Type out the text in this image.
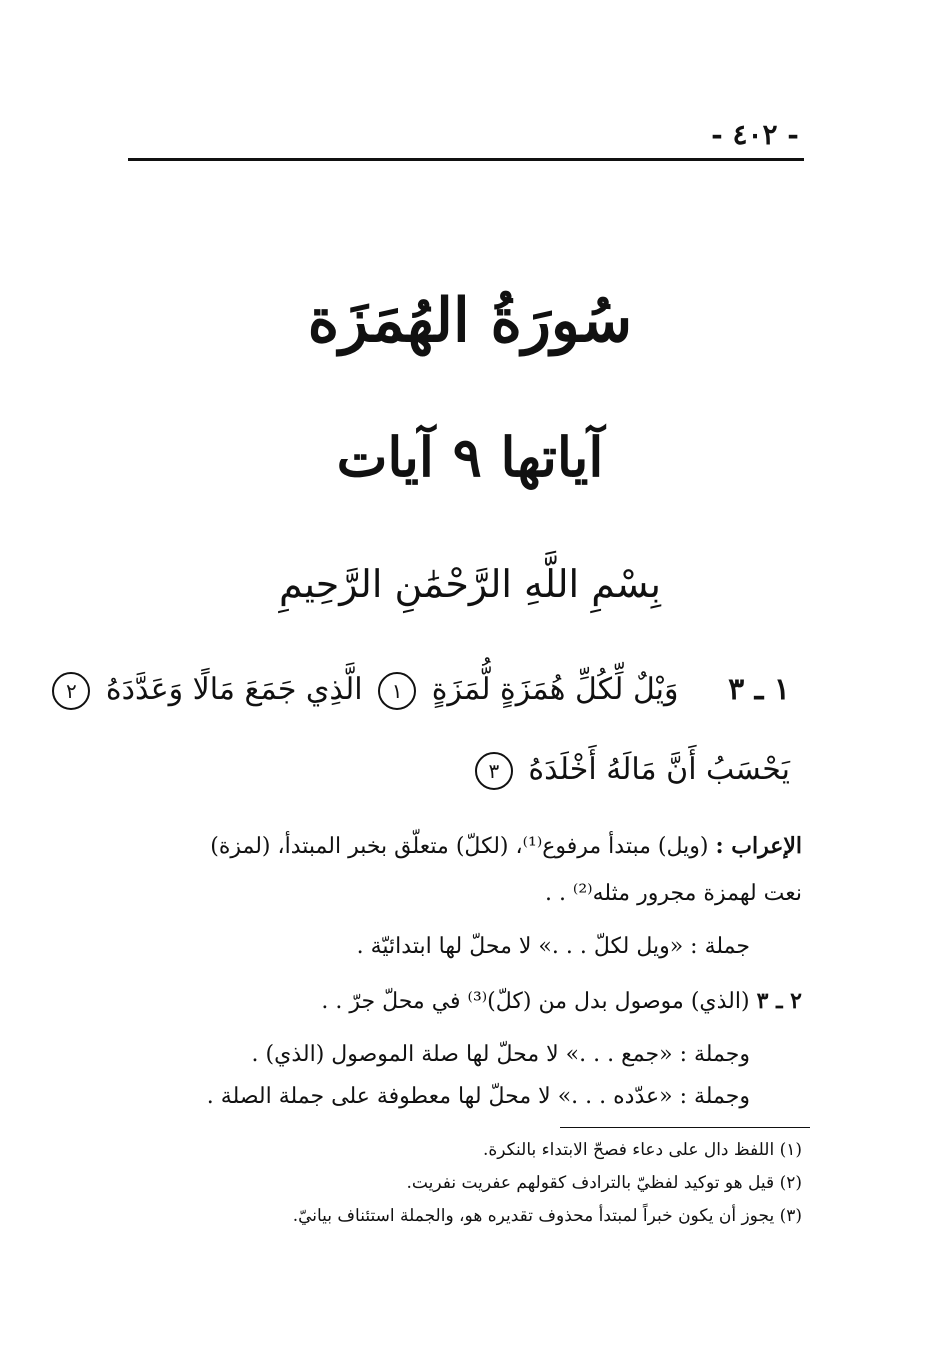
- ٤٠٢ -
سُورَةُ الهُمَزَة
آياتها ٩ آيات
بِسْمِ اللَّهِ الرَّحْمَٰنِ الرَّحِيمِ
١ ـ ٣ وَيْلٌ لِّكُلِّ هُمَزَةٍ لُّمَزَةٍ ١ الَّذِي جَمَعَ مَالًا وَعَدَّدَهُ ٢
يَحْسَبُ أَنَّ مَالَهُ أَخْلَدَهُ ٣
الإعراب : (ويل) مبتدأ مرفوع⁽¹⁾، (لكلّ) متعلّق بخبر المبتدأ، (لمزة)
نعت لهمزة مجرور مثله⁽²⁾ . .
جملة : «ويل لكلّ . . .» لا محلّ لها ابتدائيّة .
٢ ـ ٣ (الذي) موصول بدل من (كلّ)⁽³⁾ في محلّ جرّ . .
وجملة : «جمع . . .» لا محلّ لها صلة الموصول (الذي) .
وجملة : «عدّده . . .» لا محلّ لها معطوفة على جملة الصلة .
(١) اللفظ دال على دعاء فصحّ الابتداء بالنكرة.
(٢) قيل هو توكيد لفظيّ بالترادف كقولهم عفريت نفريت.
(٣) يجوز أن يكون خبراً لمبتدأ محذوف تقديره هو، والجملة استئناف بيانيّ.
